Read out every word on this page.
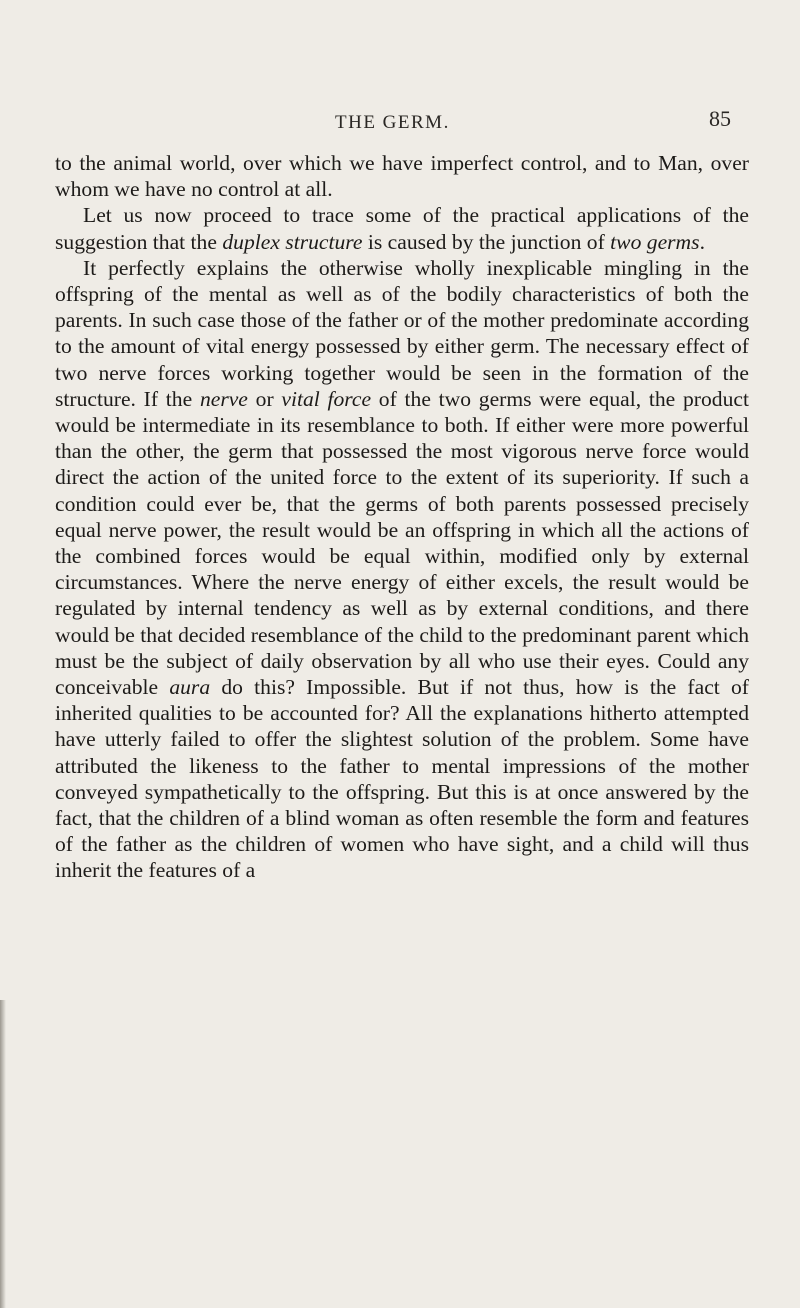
THE GERM.	85

to the animal world, over which we have imperfect control, and to Man, over whom we have no control at all.

Let us now proceed to trace some of the practical applications of the suggestion that the duplex structure is caused by the junction of two germs.

It perfectly explains the otherwise wholly inexplicable mingling in the offspring of the mental as well as of the bodily characteristics of both the parents. In such case those of the father or of the mother predominate according to the amount of vital energy possessed by either germ. The necessary effect of two nerve forces working together would be seen in the formation of the structure. If the nerve or vital force of the two germs were equal, the product would be intermediate in its resemblance to both. If either were more powerful than the other, the germ that possessed the most vigorous nerve force would direct the action of the united force to the extent of its superiority. If such a condition could ever be, that the germs of both parents possessed precisely equal nerve power, the result would be an offspring in which all the actions of the combined forces would be equal within, modified only by external circumstances. Where the nerve energy of either excels, the result would be regulated by internal tendency as well as by external conditions, and there would be that decided resemblance of the child to the predominant parent which must be the subject of daily observation by all who use their eyes. Could any conceivable aura do this? Impossible. But if not thus, how is the fact of inherited qualities to be accounted for? All the explanations hitherto attempted have utterly failed to offer the slightest solution of the problem. Some have attributed the likeness to the father to mental impressions of the mother conveyed sympathetically to the offspring. But this is at once answered by the fact, that the children of a blind woman as often resemble the form and features of the father as the children of women who have sight, and a child will thus inherit the features of a
